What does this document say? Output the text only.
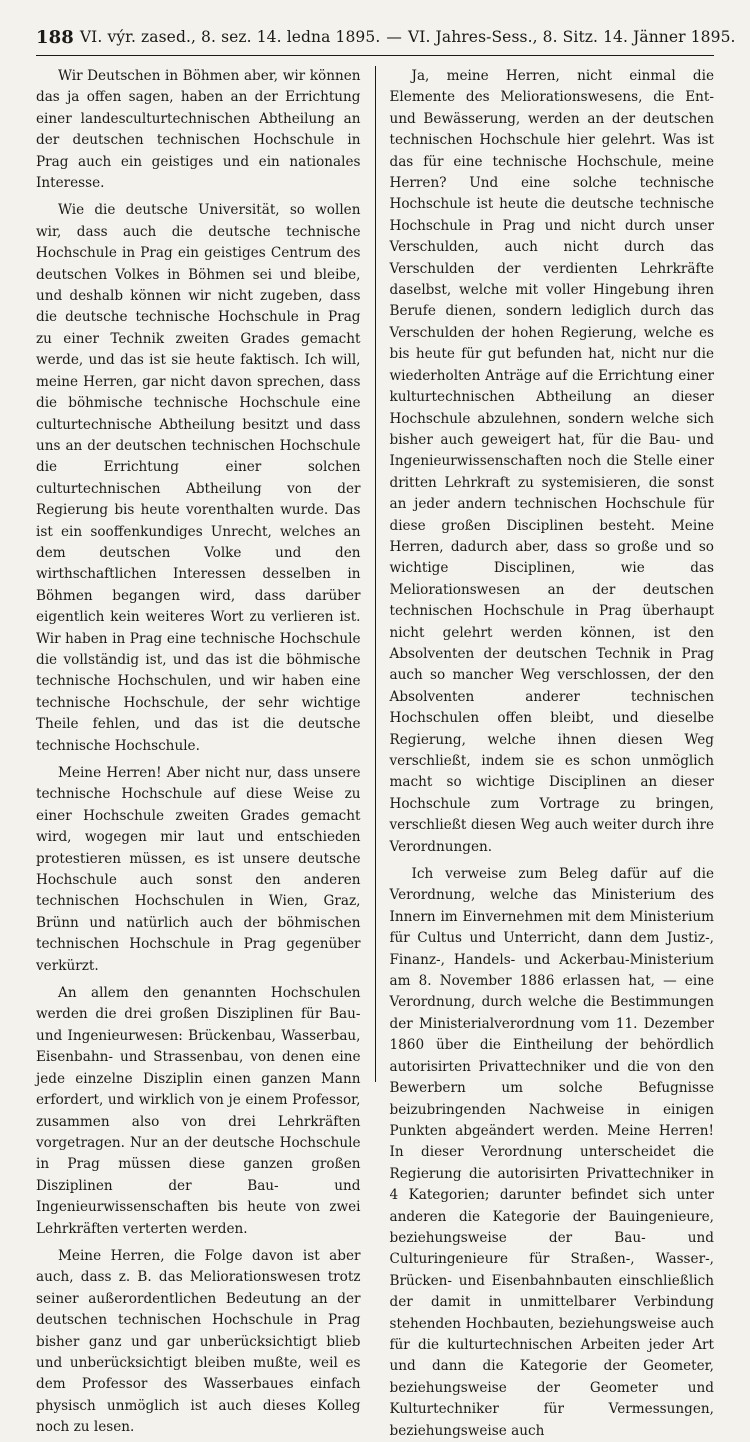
188 VI. výr. zased., 8. sez. 14. ledna 1895. — VI. Jahres-Sess., 8. Sitz. 14. Jänner 1895.

Wir Deutschen in Böhmen aber, wir können das ja offen sagen, haben an der Errichtung einer landesculturtechnischen Abtheilung an der deutschen technischen Hochschule in Prag auch ein geistiges und ein nationales Interesse.

Wie die deutsche Universität, so wollen wir, dass auch die deutsche technische Hochschule in Prag ein geistiges Centrum des deutschen Volkes in Böhmen sei und bleibe, und deshalb können wir nicht zugeben, dass die deutsche technische Hochschule in Prag zu einer Technik zweiten Grades gemacht werde, und das ist sie heute faktisch. Ich will, meine Herren, gar nicht davon sprechen, dass die böhmische technische Hochschule eine culturtechnische Abtheilung besitzt und dass uns an der deutschen technischen Hochschule die Errichtung einer solchen culturtechnischen Abtheilung von der Regierung bis heute vorenthalten wurde. Das ist ein sooffenkundiges Unrecht, welches an dem deutschen Volke und den wirthschaftlichen Interessen desselben in Böhmen begangen wird, dass darüber eigentlich kein weiteres Wort zu verlieren ist. Wir haben in Prag eine technische Hochschule die vollständig ist, und das ist die böhmische technische Hochschulen, und wir haben eine technische Hochschule, der sehr wichtige Theile fehlen, und das ist die deutsche technische Hochschule.

Meine Herren! Aber nicht nur, dass unsere technische Hochschule auf diese Weise zu einer Hochschule zweiten Grades gemacht wird, wogegen mir laut und entschieden protestieren müssen, es ist unsere deutsche Hochschule auch sonst den anderen technischen Hochschulen in Wien, Graz, Brünn und natürlich auch der böhmischen technischen Hochschule in Prag gegenüber verkürzt.

An allem den genannten Hochschulen werden die drei großen Disziplinen für Bau- und Ingenieurwesen: Brückenbau, Wasserbau, Eisenbahn- und Strassenbau, von denen eine jede einzelne Disziplin einen ganzen Mann erfordert, und wirklich von je einem Professor, zusammen also von drei Lehrkräften vorgetragen. Nur an der deutsche Hochschule in Prag müssen diese ganzen großen Disziplinen der Bau- und Ingenieurwissenschaften bis heute von zwei Lehrkräften verterten werden.

Meine Herren, die Folge davon ist aber auch, dass z. B. das Meliorationswesen trotz seiner außerordentlichen Bedeutung an der deutschen technischen Hochschule in Prag bisher ganz und gar unberücksichtigt blieb und unberücksichtigt bleiben mußte, weil es dem Professor des Wasserbaues einfach physisch unmöglich ist auch dieses Kolleg noch zu lesen.

Ja, meine Herren, nicht einmal die Elemente des Meliorationswesens, die Ent- und Bewässerung, werden an der deutschen technischen Hochschule hier gelehrt. Was ist das für eine technische Hochschule, meine Herren? Und eine solche technische Hochschule ist heute die deutsche technische Hochschule in Prag und nicht durch unser Verschulden, auch nicht durch das Verschulden der verdienten Lehrkräfte daselbst, welche mit voller Hingebung ihren Berufe dienen, sondern lediglich durch das Verschulden der hohen Regierung, welche es bis heute für gut befunden hat, nicht nur die wiederholten Anträge auf die Errichtung einer kulturtechnischen Abtheilung an dieser Hochschule abzulehnen, sondern welche sich bisher auch geweigert hat, für die Bau- und Ingenieurwissenschaften noch die Stelle einer dritten Lehrkraft zu systemisieren, die sonst an jeder andern technischen Hochschule für diese großen Disciplinen besteht. Meine Herren, dadurch aber, dass so große und so wichtige Disciplinen, wie das Meliorationswesen an der deutschen technischen Hochschule in Prag überhaupt nicht gelehrt werden können, ist den Absolventen der deutschen Technik in Prag auch so mancher Weg verschlossen, der den Absolventen anderer technischen Hochschulen offen bleibt, und dieselbe Regierung, welche ihnen diesen Weg verschließt, indem sie es schon unmöglich macht so wichtige Disciplinen an dieser Hochschule zum Vortrage zu bringen, verschließt diesen Weg auch weiter durch ihre Verordnungen.

Ich verweise zum Beleg dafür auf die Verordnung, welche das Ministerium des Innern im Einvernehmen mit dem Ministerium für Cultus und Unterricht, dann dem Justiz-, Finanz-, Handels- und Ackerbau-Ministerium am 8. November 1886 erlassen hat, — eine Verordnung, durch welche die Bestimmungen der Ministerialverordnung vom 11. Dezember 1860 über die Eintheilung der behördlich autorisirten Privattechniker und die von den Bewerbern um solche Befugnisse beizubringenden Nachweise in einigen Punkten abgeändert werden. Meine Herren! In dieser Verordnung unterscheidet die Regierung die autorisirten Privattechniker in 4 Kategorien; darunter befindet sich unter anderen die Kategorie der Bauingenieure, beziehungsweise der Bau- und Culturingenieure für Straßen-, Wasser-, Brücken- und Eisenbahnbauten einschließlich der damit in unmittelbarer Verbindung stehenden Hochbauten, beziehungsweise auch für die kulturtechnischen Arbeiten jeder Art und dann die Kategorie der Geometer, beziehungsweise der Geometer und Kulturtechniker für Vermessungen, beziehungsweise auch
